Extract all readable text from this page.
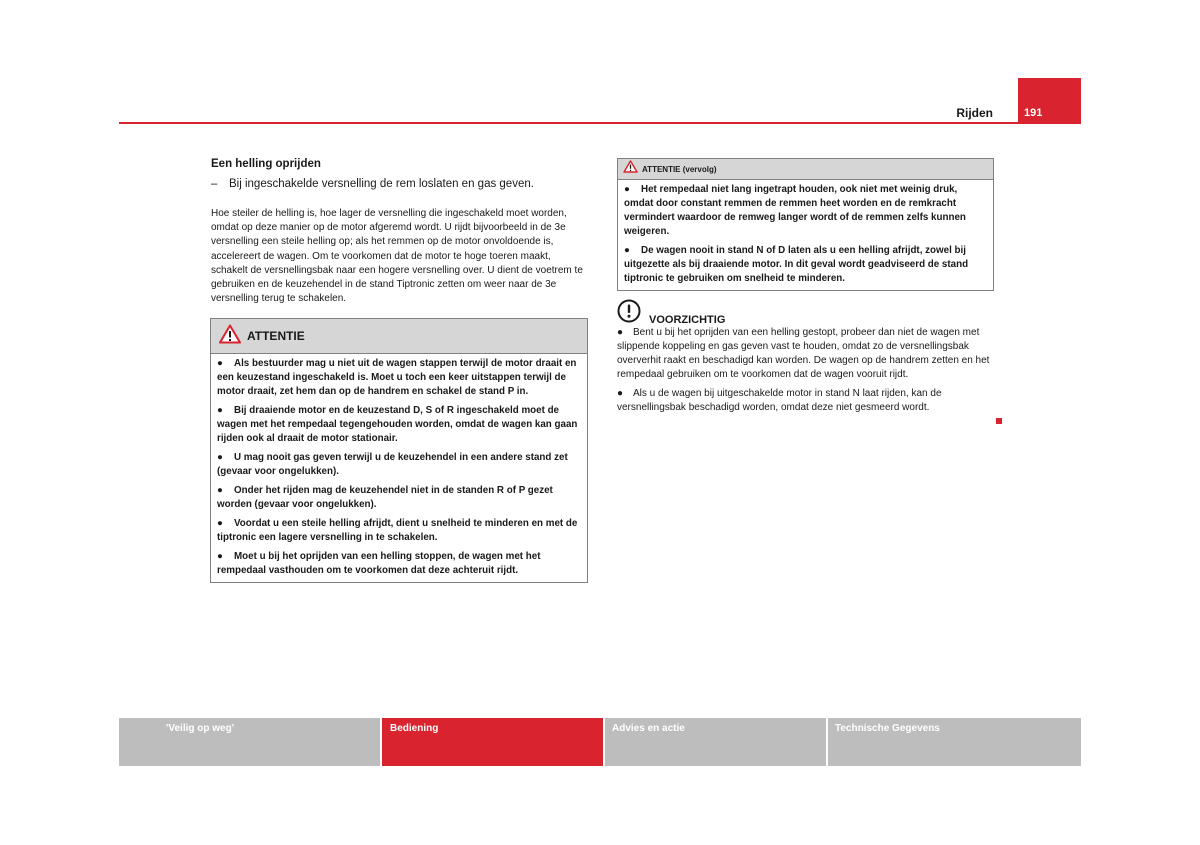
Rijden	191
Een helling oprijden
– Bij ingeschakelde versnelling de rem loslaten en gas geven.

Hoe steiler de helling is, hoe lager de versnelling die ingeschakeld moet worden, omdat op deze manier op de motor afgeremd wordt. U rijdt bijvoorbeeld in de 3e versnelling een steile helling op; als het remmen op de motor onvoldoende is, accelereert de wagen. Om te voorkomen dat de motor te hoge toeren maakt, schakelt de versnellingsbak naar een hogere versnelling over. U dient de voetrem te gebruiken en de keuzehendel in de stand Tiptronic zetten om weer naar de 3e versnelling terug te schakelen.

ATTENTIE
● Als bestuurder mag u niet uit de wagen stappen terwijl de motor draait en een keuzestand ingeschakeld is. Moet u toch een keer uitstappen terwijl de motor draait, zet hem dan op de handrem en schakel de stand P in.
● Bij draaiende motor en de keuzestand D, S of R ingeschakeld moet de wagen met het rempedaal tegengehouden worden, omdat de wagen kan gaan rijden ook al draait de motor stationair.
● U mag nooit gas geven terwijl u de keuzehendel in een andere stand zet (gevaar voor ongelukken).
● Onder het rijden mag de keuzehendel niet in de standen R of P gezet worden (gevaar voor ongelukken).
● Voordat u een steile helling afrijdt, dient u snelheid te minderen en met de tiptronic een lagere versnelling in te schakelen.
● Moet u bij het oprijden van een helling stoppen, de wagen met het rempedaal vasthouden om te voorkomen dat deze achteruit rijdt.
ATTENTIE (vervolg)
● Het rempedaal niet lang ingetrapt houden, ook niet met weinig druk, omdat door constant remmen de remmen heet worden en de remkracht vermindert waardoor de remweg langer wordt of de remmen zelfs kunnen weigeren.
● De wagen nooit in stand N of D laten als u een helling afrijdt, zowel bij uitgezette als bij draaiende motor. In dit geval wordt geadviseerd de stand tiptronic te gebruiken om snelheid te minderen.
VOORZICHTIG
● Bent u bij het oprijden van een helling gestopt, probeer dan niet de wagen met slippende koppeling en gas geven vast te houden, omdat zo de versnellingsbak oververhit raakt en beschadigd kan worden. De wagen op de handrem zetten en het rempedaal gebruiken om te voorkomen dat de wagen vooruit rijdt.
● Als u de wagen bij uitgeschakelde motor in stand N laat rijden, kan de versnellingsbak beschadigd worden, omdat deze niet gesmeerd wordt.
'Veilig op weg'	Bediening	Advies en actie	Technische Gegevens
